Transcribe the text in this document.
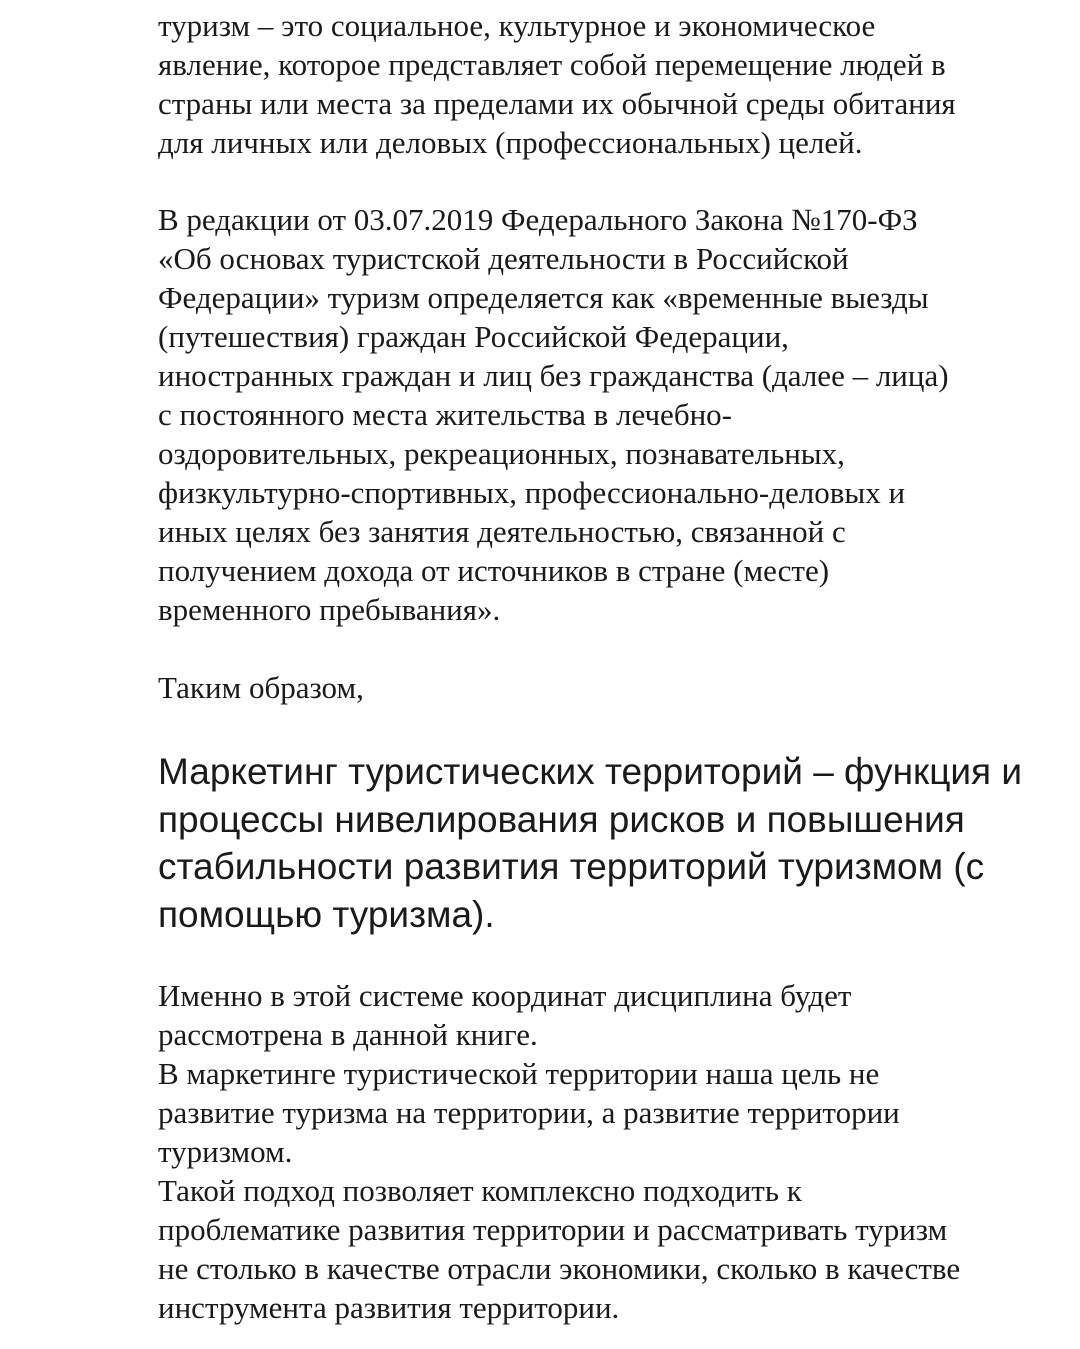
туризм – это социальное, культурное и экономическое
явление, которое представляет собой перемещение людей в
страны или места за пределами их обычной среды обитания
для личных или деловых (профессиональных) целей.
В редакции от 03.07.2019 Федерального Закона №170-ФЗ
«Об основах туристской деятельности в Российской
Федерации» туризм определяется как «временные выезды
(путешествия) граждан Российской Федерации,
иностранных граждан и лиц без гражданства (далее – лица)
с постоянного места жительства в лечебно-
оздоровительных, рекреационных, познавательных,
физкультурно-спортивных, профессионально-деловых и
иных целях без занятия деятельностью, связанной с
получением дохода от источников в стране (месте)
временного пребывания».
Таким образом,
Маркетинг туристических территорий – функция и
процессы нивелирования рисков и повышения
стабильности развития территорий туризмом (с
помощью туризма).
Именно в этой системе координат дисциплина будет
рассмотрена в данной книге.
В маркетинге туристической территории наша цель не
развитие туризма на территории, а развитие территории
туризмом.
Такой подход позволяет комплексно подходить к
проблематике развития территории и рассматривать туризм
не столько в качестве отрасли экономики, сколько в качестве
инструмента развития территории.
